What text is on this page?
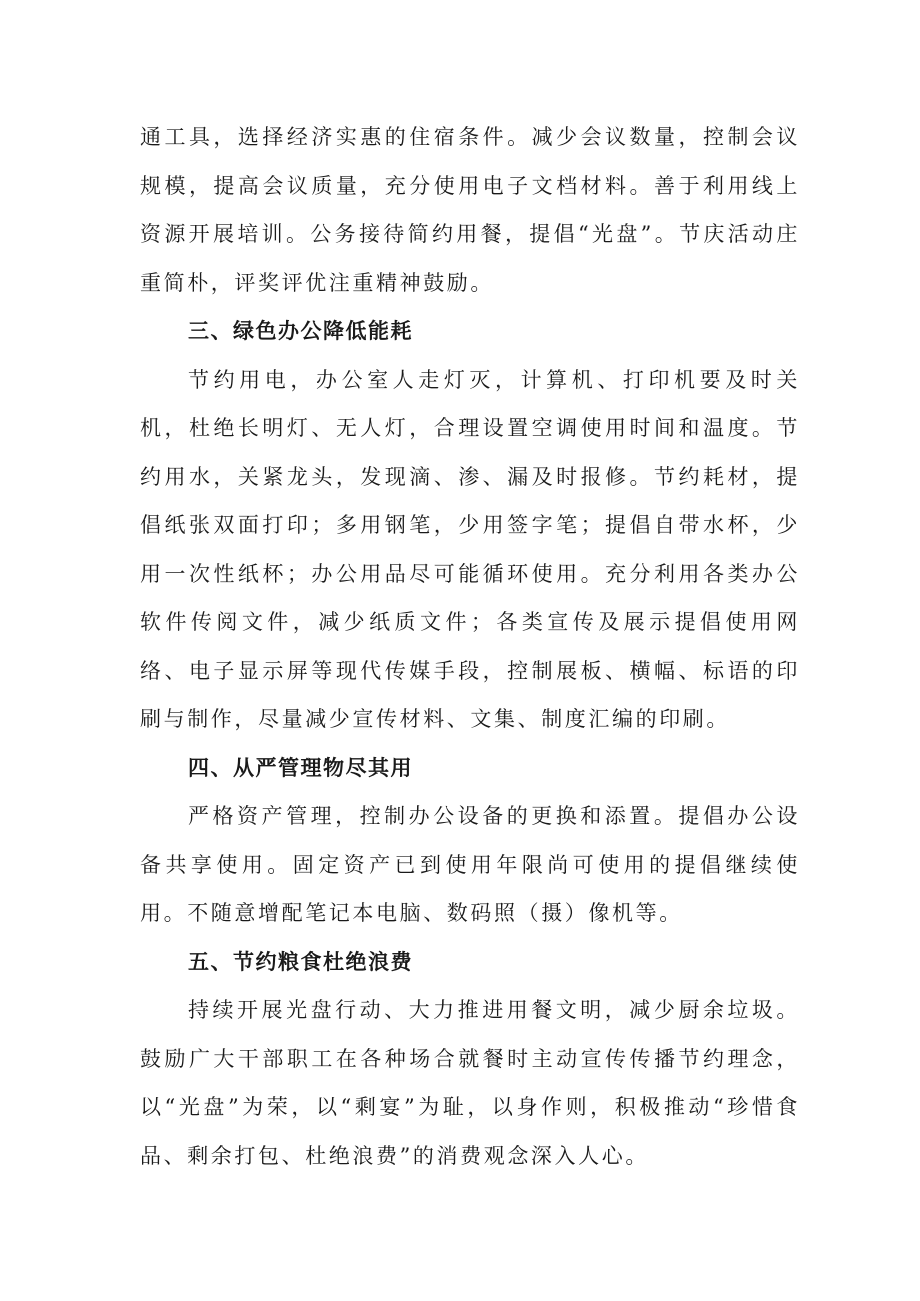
通工具，选择经济实惠的住宿条件。减少会议数量，控制会议规模，提高会议质量，充分使用电子文档材料。善于利用线上资源开展培训。公务接待简约用餐，提倡“光盘”。节庆活动庄重简朴，评奖评优注重精神鼓励。

三、绿色办公降低能耗

节约用电，办公室人走灯灭，计算机、打印机要及时关机，杜绝长明灯、无人灯，合理设置空调使用时间和温度。节约用水，关紧龙头，发现滴、渗、漏及时报修。节约耗材，提倡纸张双面打印；多用钢笔，少用签字笔；提倡自带水杯，少用一次性纸杯；办公用品尽可能循环使用。充分利用各类办公软件传阅文件，减少纸质文件；各类宣传及展示提倡使用网络、电子显示屏等现代传媒手段，控制展板、横幅、标语的印刷与制作，尽量减少宣传材料、文集、制度汇编的印刷。

四、从严管理物尽其用

严格资产管理，控制办公设备的更换和添置。提倡办公设备共享使用。固定资产已到使用年限尚可使用的提倡继续使用。不随意增配笔记本电脑、数码照（摄）像机等。

五、节约粮食杜绝浪费

持续开展光盘行动、大力推进用餐文明，减少厨余垃圾。鼓励广大干部职工在各种场合就餐时主动宣传传播节约理念，以“光盘”为荣，以“剩宴”为耻，以身作则，积极推动“珍惜食品、剩余打包、杜绝浪费”的消费观念深入人心。
